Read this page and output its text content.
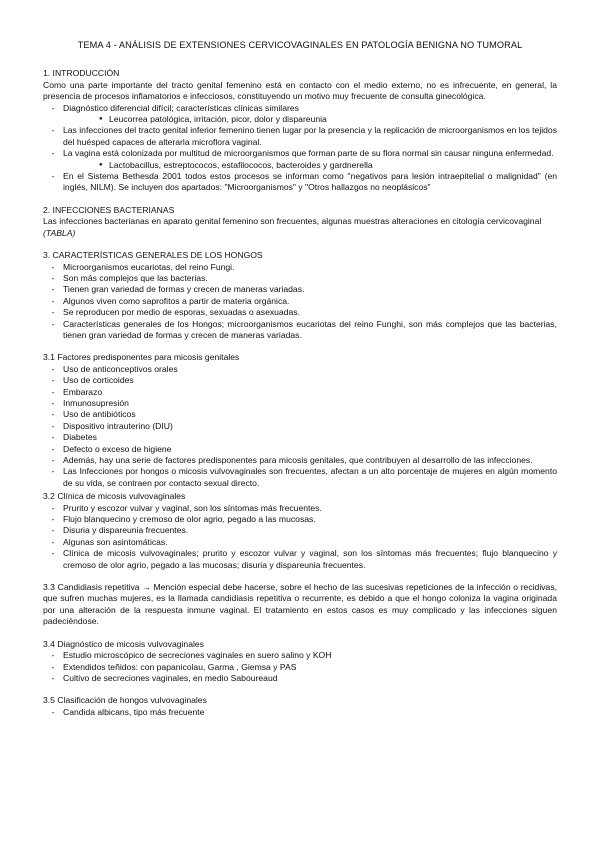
TEMA 4 - ANÁLISIS DE EXTENSIONES CERVICOVAGINALES EN PATOLOGÍA BENIGNA NO TUMORAL
1. INTRODUCCIÓN

Como una parte importante del tracto genital femenino está en contacto con el medio externo, no es infrecuente, en general, la presencia de procesos inflamatorios e infecciosos, constituyendo un motivo muy frecuente de consulta ginecológica.

- Diagnóstico diferencial difícil; características clínicas similares
● Leucorrea patológica, irritación, picor, dolor y dispareunia
- Las infecciones del tracto genital inferior femenino tienen lugar por la presencia y la replicación de microorganismos en los tejidos del huésped capaces de alterarla microflora vaginal.
- La vagina está colonizada por multitud de microorganismos que forman parte de su flora normal sin causar ninguna enfermedad.
● Lactobacillus, estreptococos, estafilococos, bacteroides y gardnerella
- En el Sistema Bethesda 2001 todos estos procesos se informan como "negativos para lesión intraepitelial o malignidad" (en inglés, NILM). Se incluyen dos apartados: "Microorganismos" y "Otros hallazgos no neoplásicos"
2. INFECCIONES BACTERIANAS

Las infecciones bacterianas en aparato genital femenino son frecuentes, algunas muestras alteraciones en citología cervicovaginal

(TABLA)
3. CARACTERÍSTICAS GENERALES DE LOS HONGOS
- Microorganismos eucariotas, del reino Fungi.
- Son más complejos que las bacterias.
- Tienen gran variedad de formas y crecen de maneras variadas.
- Algunos viven como saprofitos a partir de materia orgánica.
- Se reproducen por medio de esporas, sexuadas o asexuadas.
- Características generales de los Hongos; microorganismos eucariotas del reino Funghi, son más complejos que las bacterias, tienen gran variedad de formas y crecen de maneras variadas.
3.1 Factores predisponentes para micosis genitales
- Uso de anticonceptivos orales
- Uso de corticoides
- Embarazo
- Inmunosupresión
- Uso de antibióticos
- Dispositivo intrauterino (DIU)
- Diabetes
- Defecto o exceso de higiene
- Además, hay una serie de factores predisponentes para micosis genitales, que contribuyen al desarrollo de las infecciones.
- Las Infecciones por hongos o micosis vulvovaginales son frecuentes, afectan a un alto porcentaje de mujeres en algún momento de su vida, se contraen por contacto sexual directo.
3.2 Clínica de micosis vulvovaginales
- Prurito y escozor vulvar y vaginal, son los síntomas más frecuentes.
- Flujo blanquecino y cremoso de olor agrio, pegado a las mucosas.
- Disuria y dispareunia frecuentes.
- Algunas son asintomáticas.
- Clínica de micosis vulvovaginales; prurito y escozor vulvar y vaginal, son los síntomas más frecuentes; flujo blanquecino y cremoso de olor agrio, pegado a las mucosas; disuria y dispareunia frecuentes.

3.3 Candidiasis repetitiva → Mención especial debe hacerse, sobre el hecho de las sucesivas repeticiones de la infección o recidivas, que sufren muchas mujeres, es la llamada candidiasis repetitiva o recurrente, es debido a que el hongo coloniza la vagina originada por una alteración de la respuesta inmune vaginal. El tratamiento en estos casos es muy complicado y las infecciones siguen padeciéndose.

3.4 Diagnóstico de micosis vulvovaginales
- Estudio microscópico de secreciones vaginales en suero salino y KOH
- Extendidos teñidos: con papanicolau, Garma , Giemsa y PAS
- Cultivo de secreciones vaginales, en medio Saboureaud
3.5 Clasificación de hongos vulvovaginales
- Candida albicans, tipo más frecuente
